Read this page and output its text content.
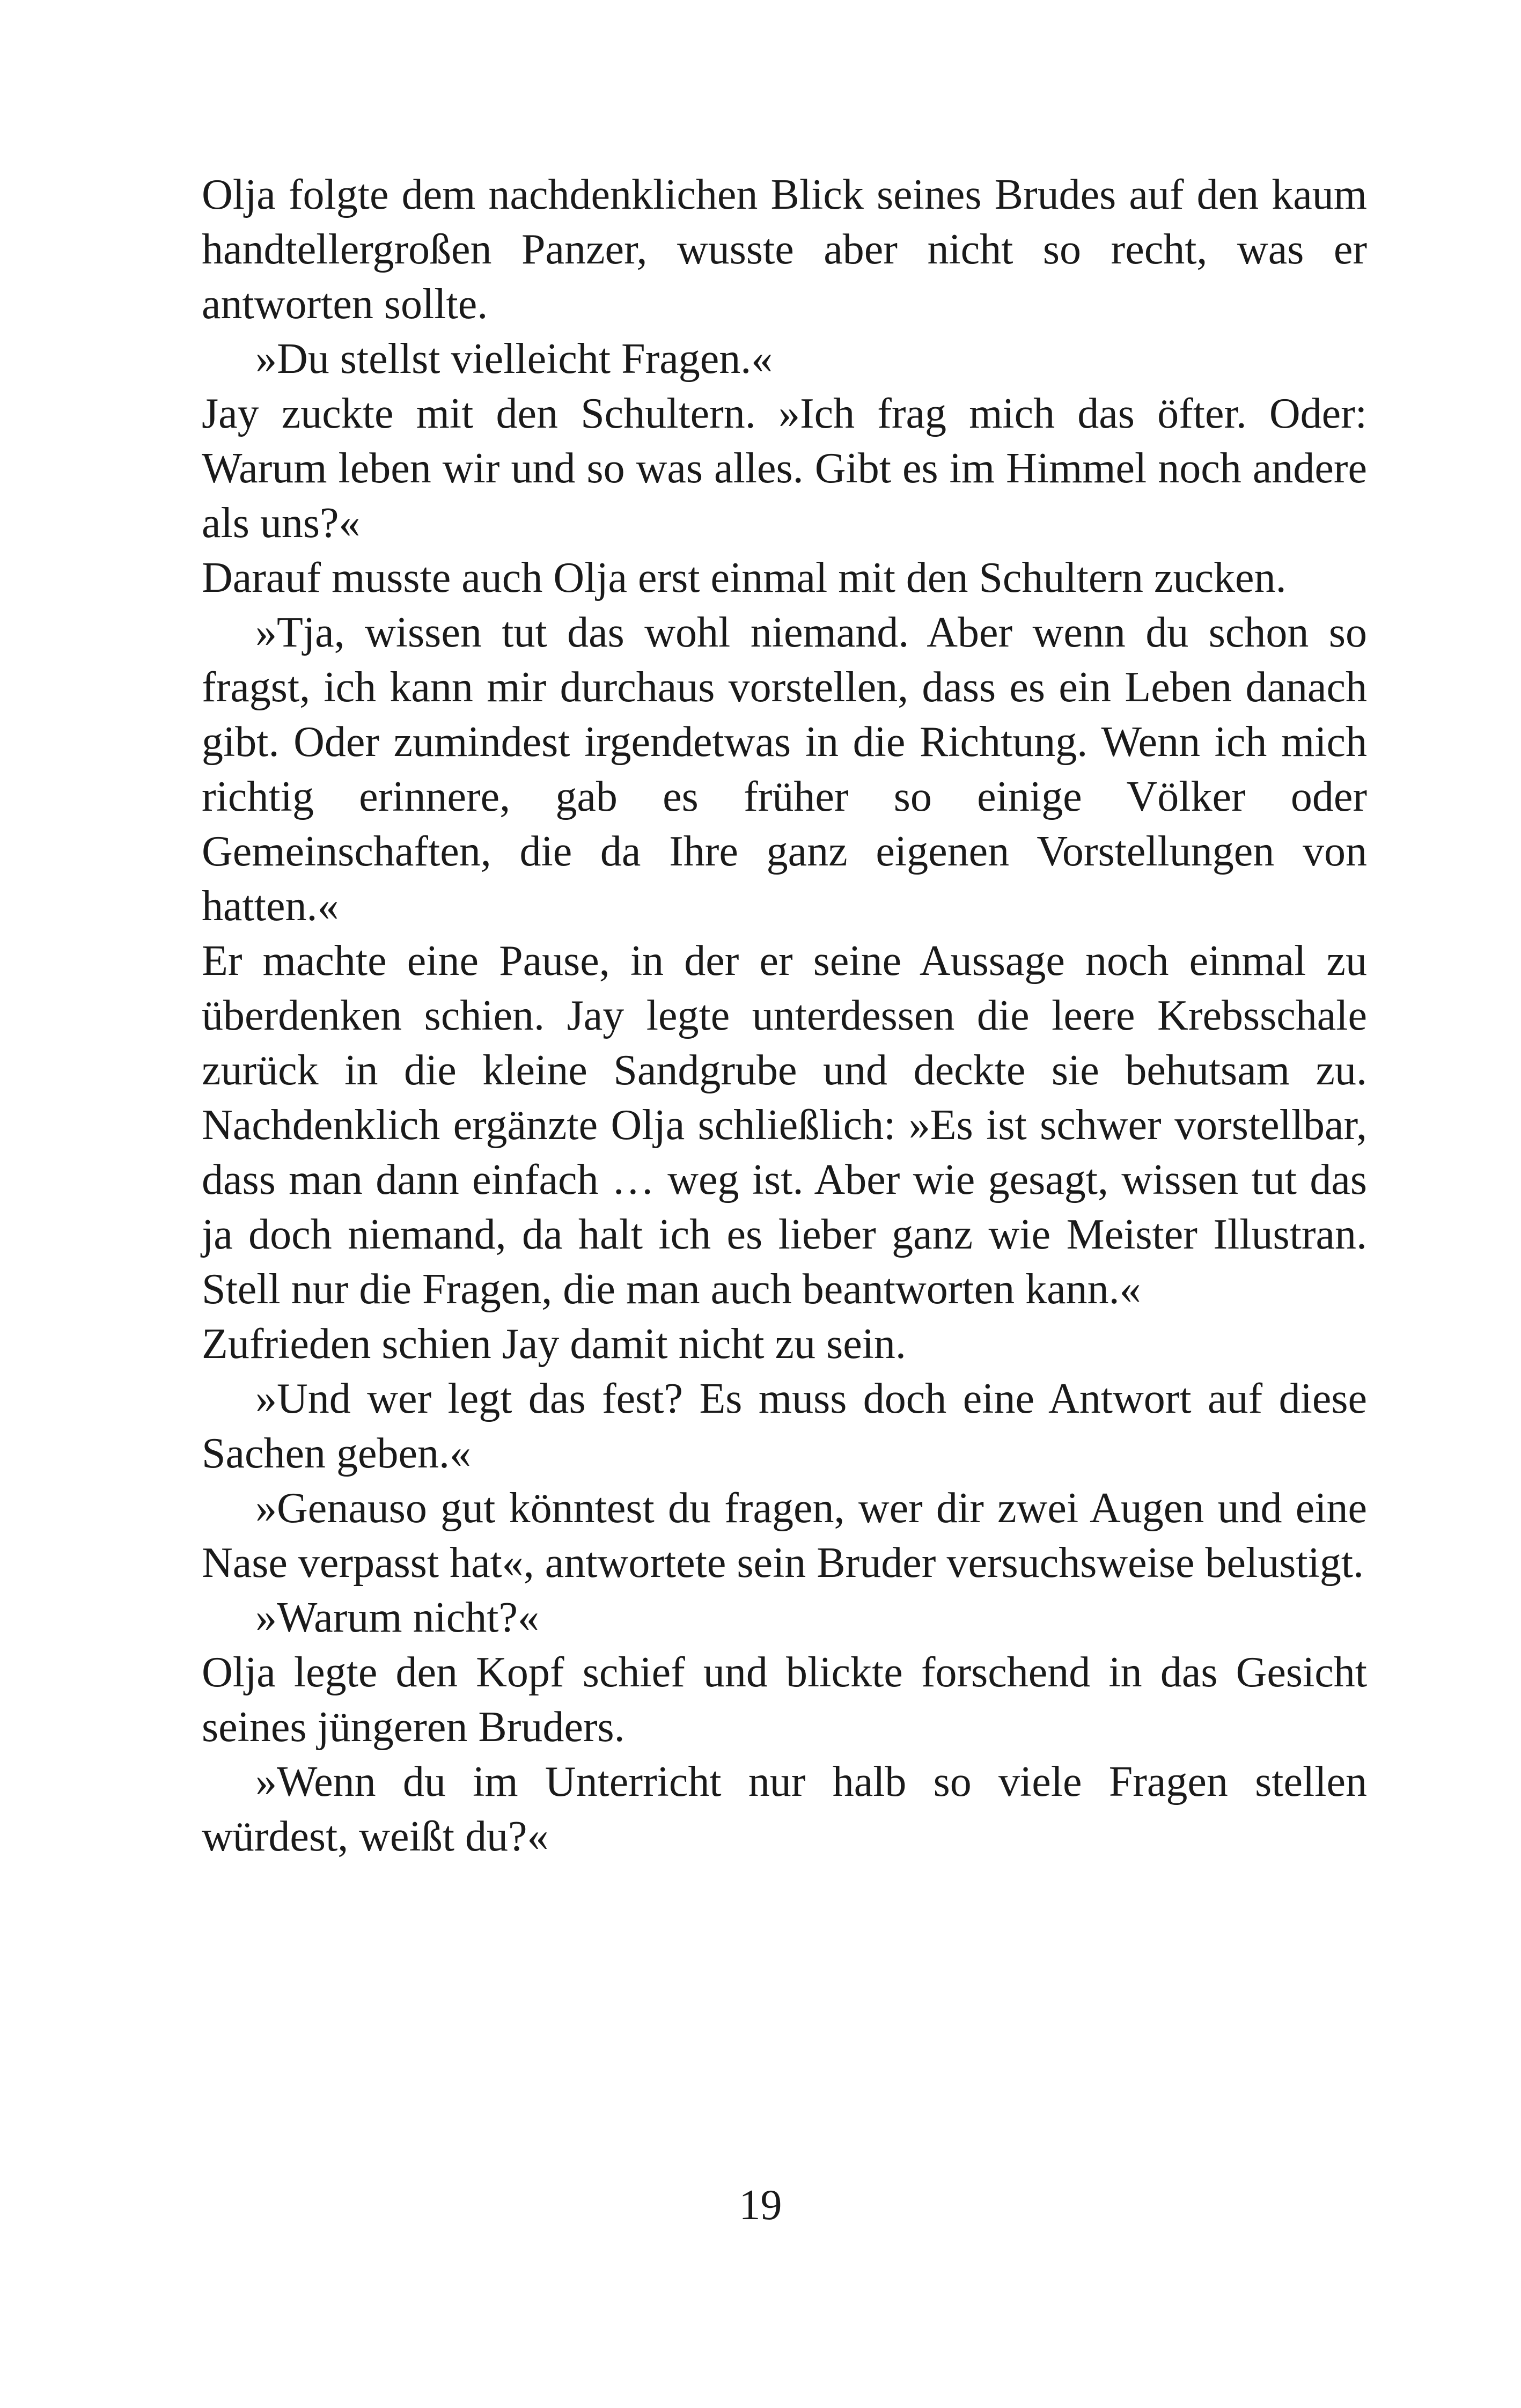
Olja folgte dem nachdenklichen Blick seines Brudes auf den kaum handtellergroßen Panzer, wusste aber nicht so recht, was er antworten sollte.

»Du stellst vielleicht Fragen.«

Jay zuckte mit den Schultern. »Ich frag mich das öfter. Oder: Warum leben wir und so was alles. Gibt es im Himmel noch andere als uns?«

Darauf musste auch Olja erst einmal mit den Schultern zucken.

»Tja, wissen tut das wohl niemand. Aber wenn du schon so fragst, ich kann mir durchaus vorstellen, dass es ein Leben danach gibt. Oder zumindest irgendetwas in die Richtung. Wenn ich mich richtig erinnere, gab es früher so einige Völker oder Gemeinschaften, die da Ihre ganz eigenen Vorstellungen von hatten.«

Er machte eine Pause, in der er seine Aussage noch einmal zu überdenken schien. Jay legte unterdessen die leere Krebsschale zurück in die kleine Sandgrube und deckte sie behutsam zu. Nachdenklich ergänzte Olja schließlich: »Es ist schwer vorstellbar, dass man dann einfach … weg ist. Aber wie gesagt, wissen tut das ja doch niemand, da halt ich es lieber ganz wie Meister Illustran. Stell nur die Fragen, die man auch beantworten kann.«

Zufrieden schien Jay damit nicht zu sein.

»Und wer legt das fest? Es muss doch eine Antwort auf diese Sachen geben.«

»Genauso gut könntest du fragen, wer dir zwei Augen und eine Nase verpasst hat«, antwortete sein Bruder versuchsweise belustigt.

»Warum nicht?«

Olja legte den Kopf schief und blickte forschend in das Gesicht seines jüngeren Bruders.

»Wenn du im Unterricht nur halb so viele Fragen stellen würdest, weißt du?«

19
